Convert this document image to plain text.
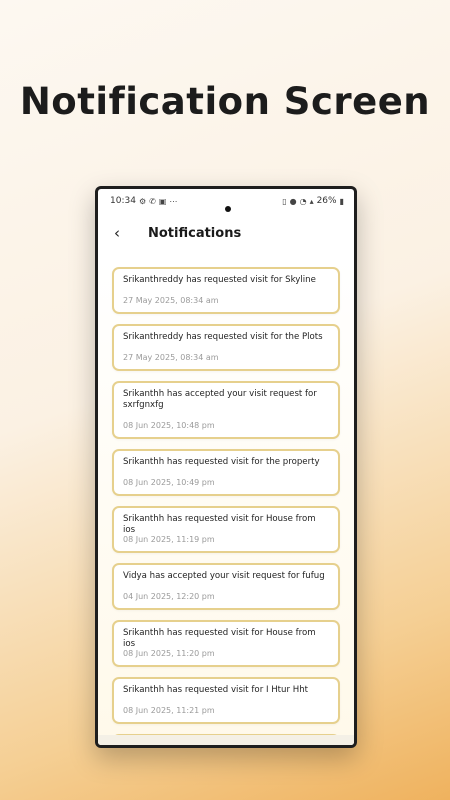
Notification Screen
10:34 ⚙ ✆ ▣ ⋯	▯ ● ◔ ▴ 26% ▮
‹	Notifications
Srikanthreddy has requested visit for Skyline
27 May 2025, 08:34 am
Srikanthreddy has requested visit for the Plots
27 May 2025, 08:34 am
Srikanthh has accepted your visit request for sxrfgnxfg
08 Jun 2025, 10:48 pm
Srikanthh has requested visit for the property
08 Jun 2025, 10:49 pm
Srikanthh has requested visit for House from ios
08 Jun 2025, 11:19 pm
Vidya has accepted your visit request for fufug
04 Jun 2025, 12:20 pm
Srikanthh has requested visit for House from ios
08 Jun 2025, 11:20 pm
Srikanthh has requested visit for I Htur Hht
08 Jun 2025, 11:21 pm
